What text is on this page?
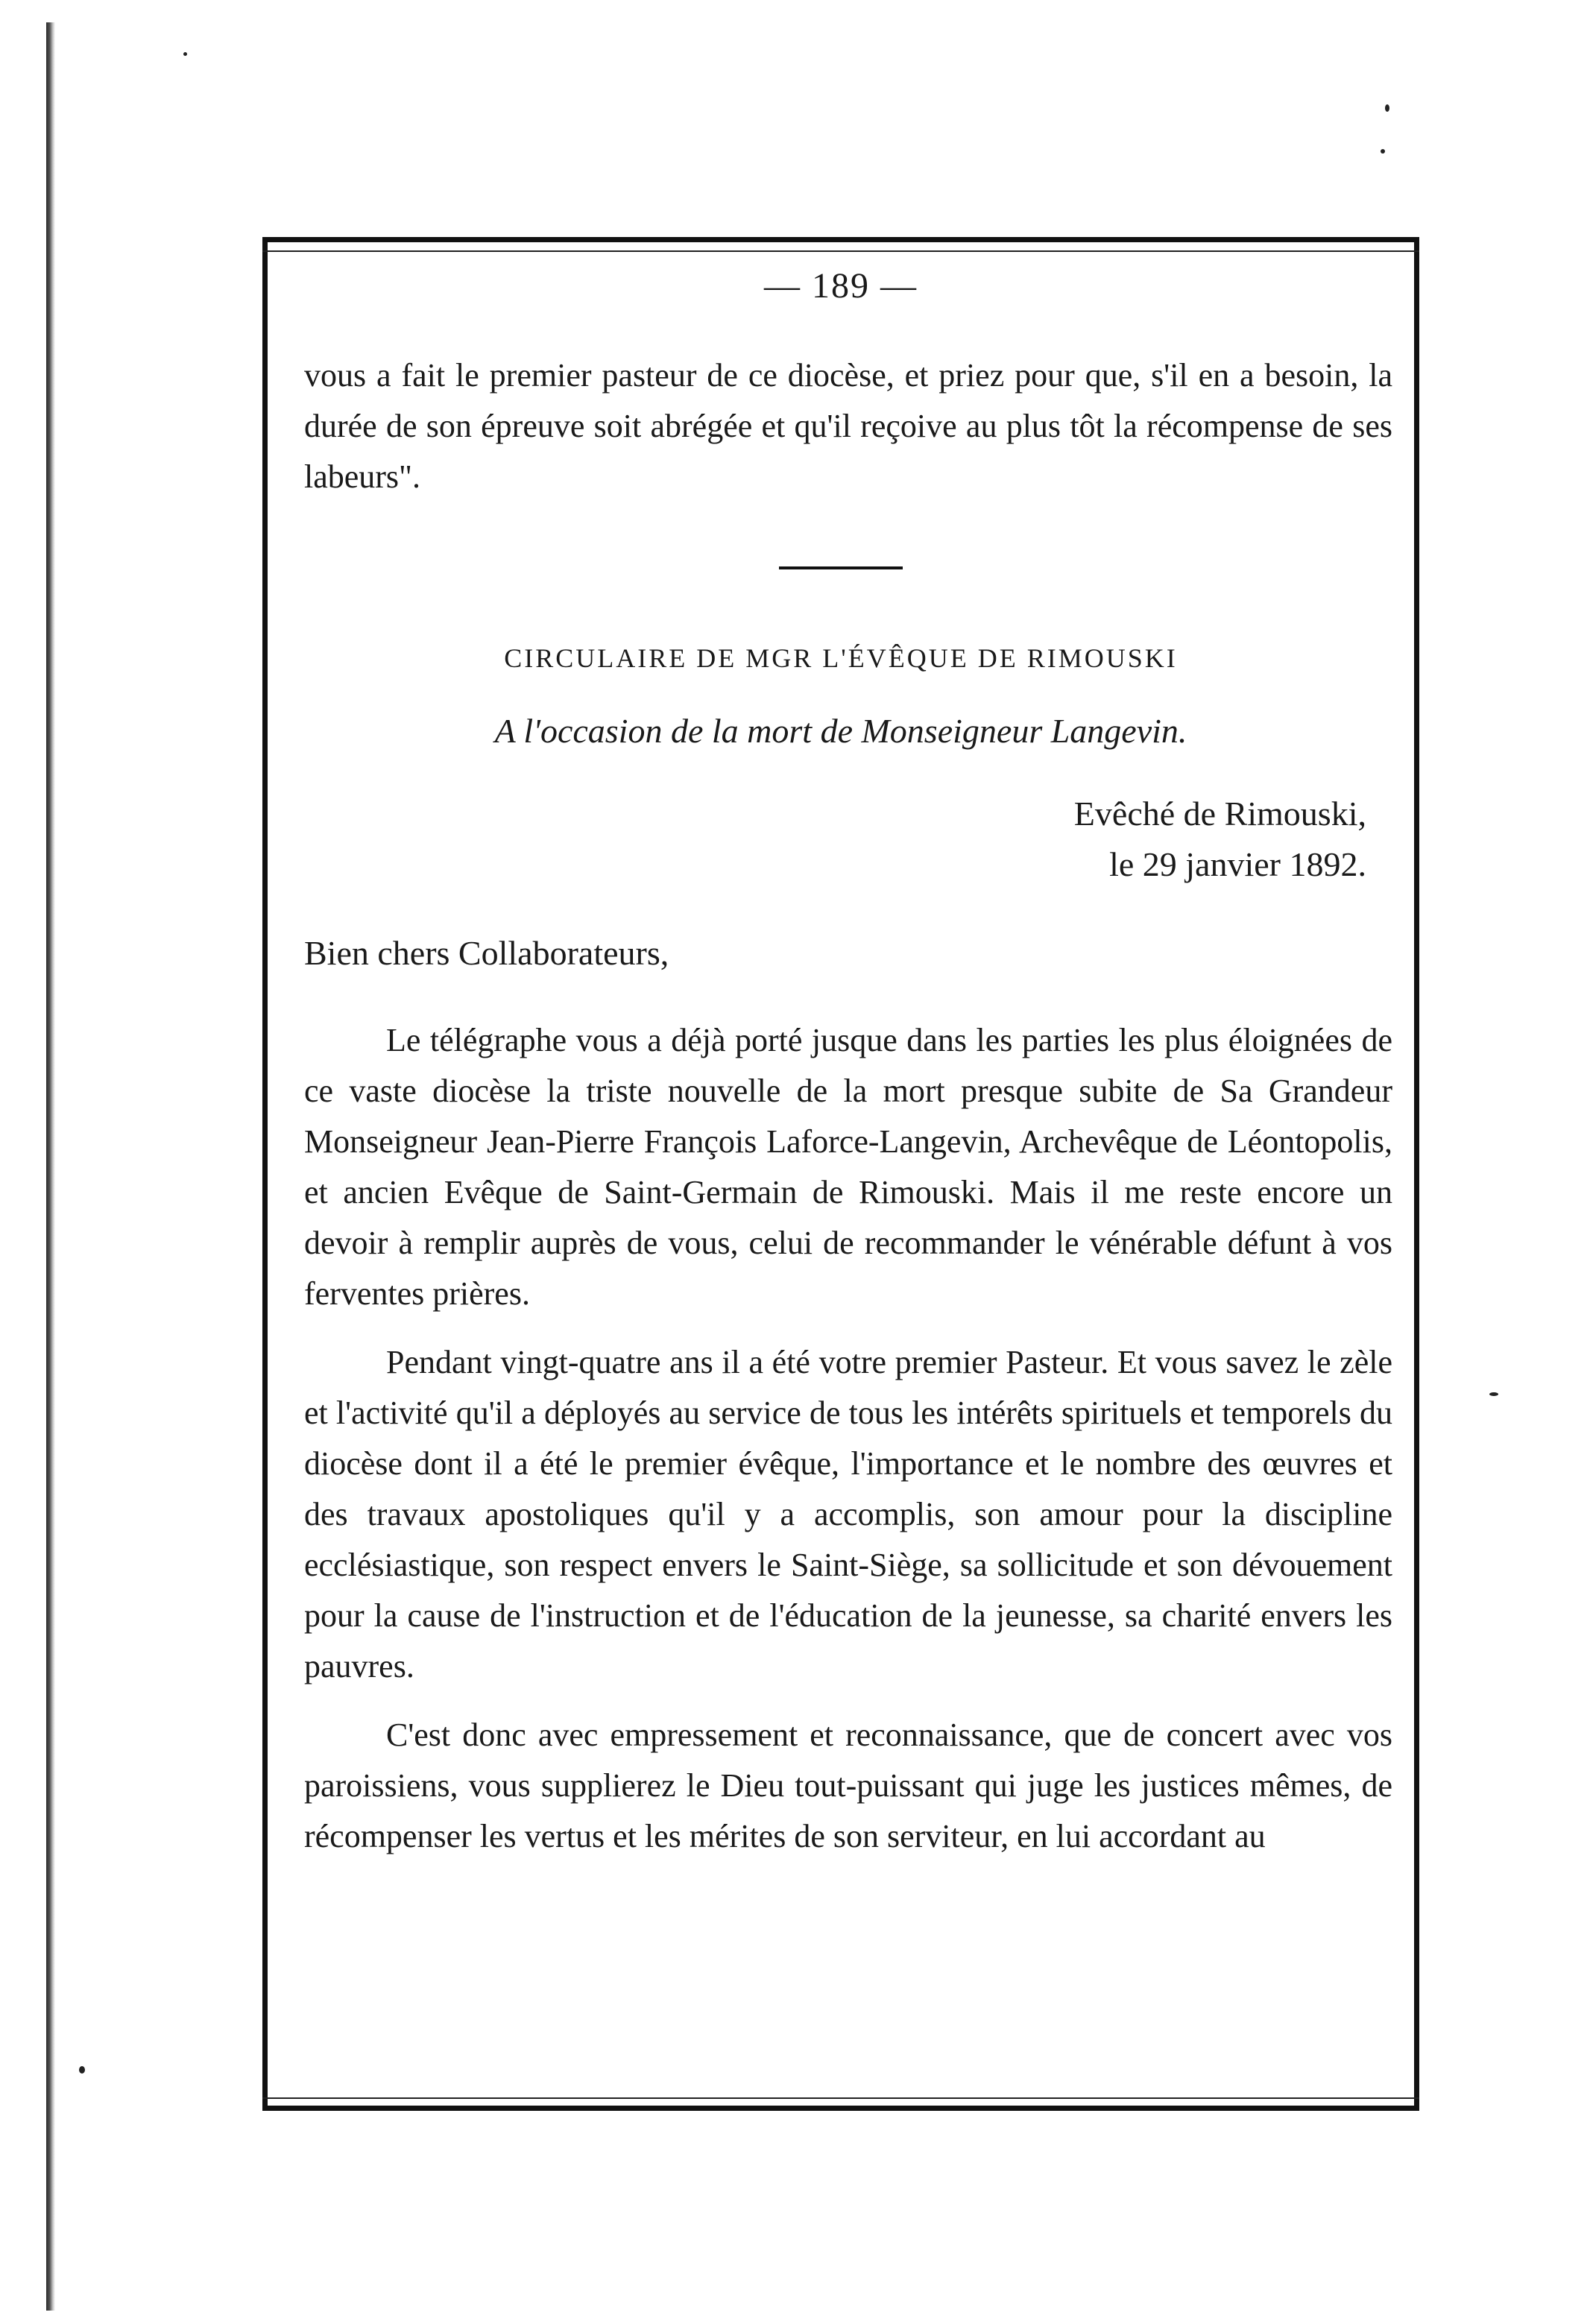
— 189 —

vous a fait le premier pasteur de ce diocèse, et priez pour que, s'il en a besoin, la durée de son épreuve soit abrégée et qu'il reçoive au plus tôt la récompense de ses labeurs".

CIRCULAIRE DE MGR L'ÉVÊQUE DE RIMOUSKI
A l'occasion de la mort de Monseigneur Langevin.
Evêché de Rimouski,
le 29 janvier 1892.
Bien chers Collaborateurs,

Le télégraphe vous a déjà porté jusque dans les parties les plus éloignées de ce vaste diocèse la triste nouvelle de la mort presque subite de Sa Grandeur Monseigneur Jean-Pierre François Laforce-Langevin, Archevêque de Léontopolis, et ancien Evêque de Saint-Germain de Rimouski. Mais il me reste encore un devoir à remplir auprès de vous, celui de recommander le vénérable défunt à vos ferventes prières.

Pendant vingt-quatre ans il a été votre premier Pasteur. Et vous savez le zèle et l'activité qu'il a déployés au service de tous les intérêts spirituels et temporels du diocèse dont il a été le premier évêque, l'importance et le nombre des œuvres et des travaux apostoliques qu'il y a accomplis, son amour pour la discipline ecclésiastique, son respect envers le Saint-Siège, sa sollicitude et son dévouement pour la cause de l'instruction et de l'éducation de la jeunesse, sa charité envers les pauvres.

C'est donc avec empressement et reconnaissance, que de concert avec vos paroissiens, vous supplierez le Dieu tout-puissant qui juge les justices mêmes, de récompenser les vertus et les mérites de son serviteur, en lui accordant au
